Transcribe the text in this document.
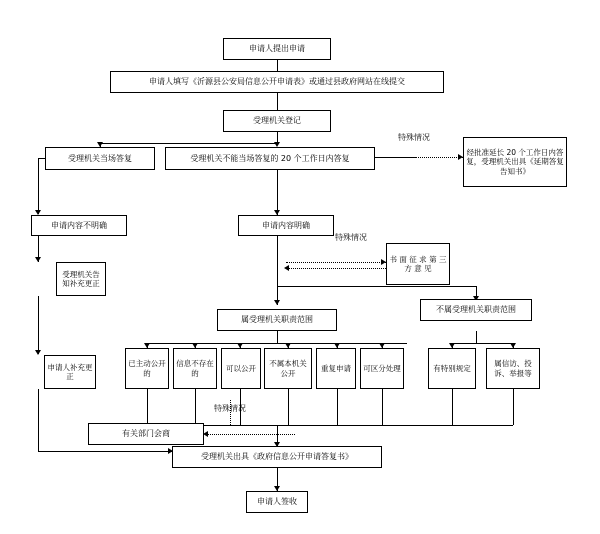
申请人提出申请
申请人填写《沂源县公安局信息公开申请表》或通过县政府网站在线提交
受理机关登记
受理机关当场答复	受理机关不能当场答复的 20 个工作日内答复
经批准延长 20 个工作日内答复，受理机关出具《延期答复告知书》
申请内容不明确	申请内容明确
书 面 征 求 第 三 方 意 见
受理机关告知补充更正
申请人补充更正
属受理机关职责范围
不属受理机关职责范围
已主动公开的
信息不存在的
可以公开
不属本机关公开
重复申请	可区分处理	有特别规定
属信访、投诉、举报等
有关部门会商
受理机关出具《政府信息公开申请答复书》
申请人签收
特殊情况
特殊情况
特殊情况
